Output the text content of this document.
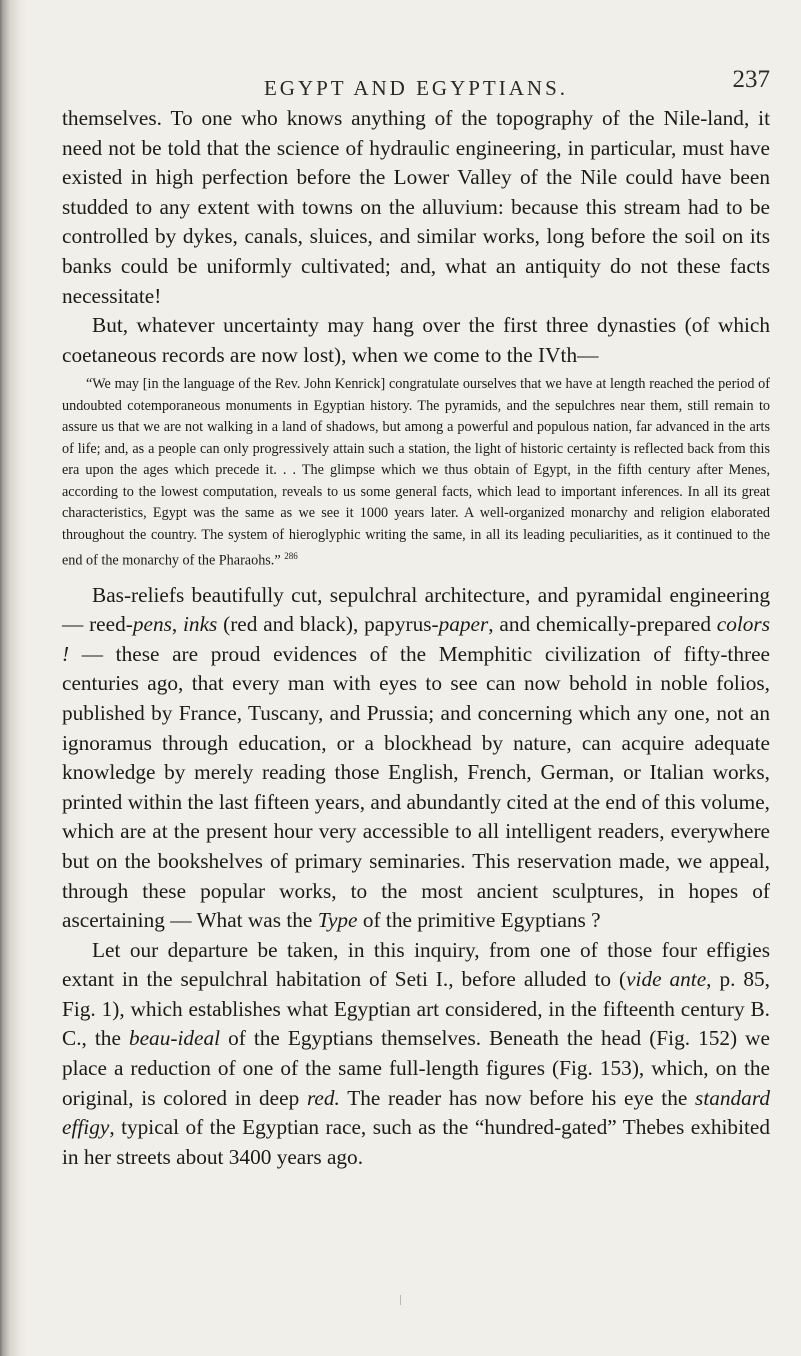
EGYPT AND EGYPTIANS.	237

themselves. To one who knows anything of the topography of the Nile-land, it need not be told that the science of hydraulic engineering, in particular, must have existed in high perfection before the Lower Valley of the Nile could have been studded to any extent with towns on the alluvium: because this stream had to be controlled by dykes, canals, sluices, and similar works, long before the soil on its banks could be uniformly cultivated; and, what an antiquity do not these facts necessitate!

But, whatever uncertainty may hang over the first three dynasties (of which coetaneous records are now lost), when we come to the IVth—

“We may [in the language of the Rev. John Kenrick] congratulate ourselves that we have at length reached the period of undoubted cotemporaneous monuments in Egyptian history. The pyramids, and the sepulchres near them, still remain to assure us that we are not walking in a land of shadows, but among a powerful and populous nation, far advanced in the arts of life; and, as a people can only progressively attain such a station, the light of historic certainty is reflected back from this era upon the ages which precede it. . . The glimpse which we thus obtain of Egypt, in the fifth century after Menes, according to the lowest computation, reveals to us some general facts, which lead to important inferences. In all its great characteristics, Egypt was the same as we see it 1000 years later. A well-organized monarchy and religion elaborated throughout the country. The system of hieroglyphic writing the same, in all its leading peculiarities, as it continued to the end of the monarchy of the Pharaohs.” $^{286}$

Bas-reliefs beautifully cut, sepulchral architecture, and pyramidal engineering — reed-pens, inks (red and black), papyrus-paper, and chemically-prepared colors ! — these are proud evidences of the Memphitic civilization of fifty-three centuries ago, that every man with eyes to see can now behold in noble folios, published by France, Tuscany, and Prussia; and concerning which any one, not an ignoramus through education, or a blockhead by nature, can acquire adequate knowledge by merely reading those English, French, German, or Italian works, printed within the last fifteen years, and abundantly cited at the end of this volume, which are at the present hour very accessible to all intelligent readers, everywhere but on the bookshelves of primary seminaries. This reservation made, we appeal, through these popular works, to the most ancient sculptures, in hopes of ascertaining — What was the Type of the primitive Egyptians ?

Let our departure be taken, in this inquiry, from one of those four effigies extant in the sepulchral habitation of Seti I., before alluded to (vide ante, p. 85, Fig. 1), which establishes what Egyptian art considered, in the fifteenth century B. C., the beau-ideal of the Egyptians themselves. Beneath the head (Fig. 152) we place a reduction of one of the same full-length figures (Fig. 153), which, on the original, is colored in deep red. The reader has now before his eye the standard effigy, typical of the Egyptian race, such as the “hundred-gated” Thebes exhibited in her streets about 3400 years ago.
